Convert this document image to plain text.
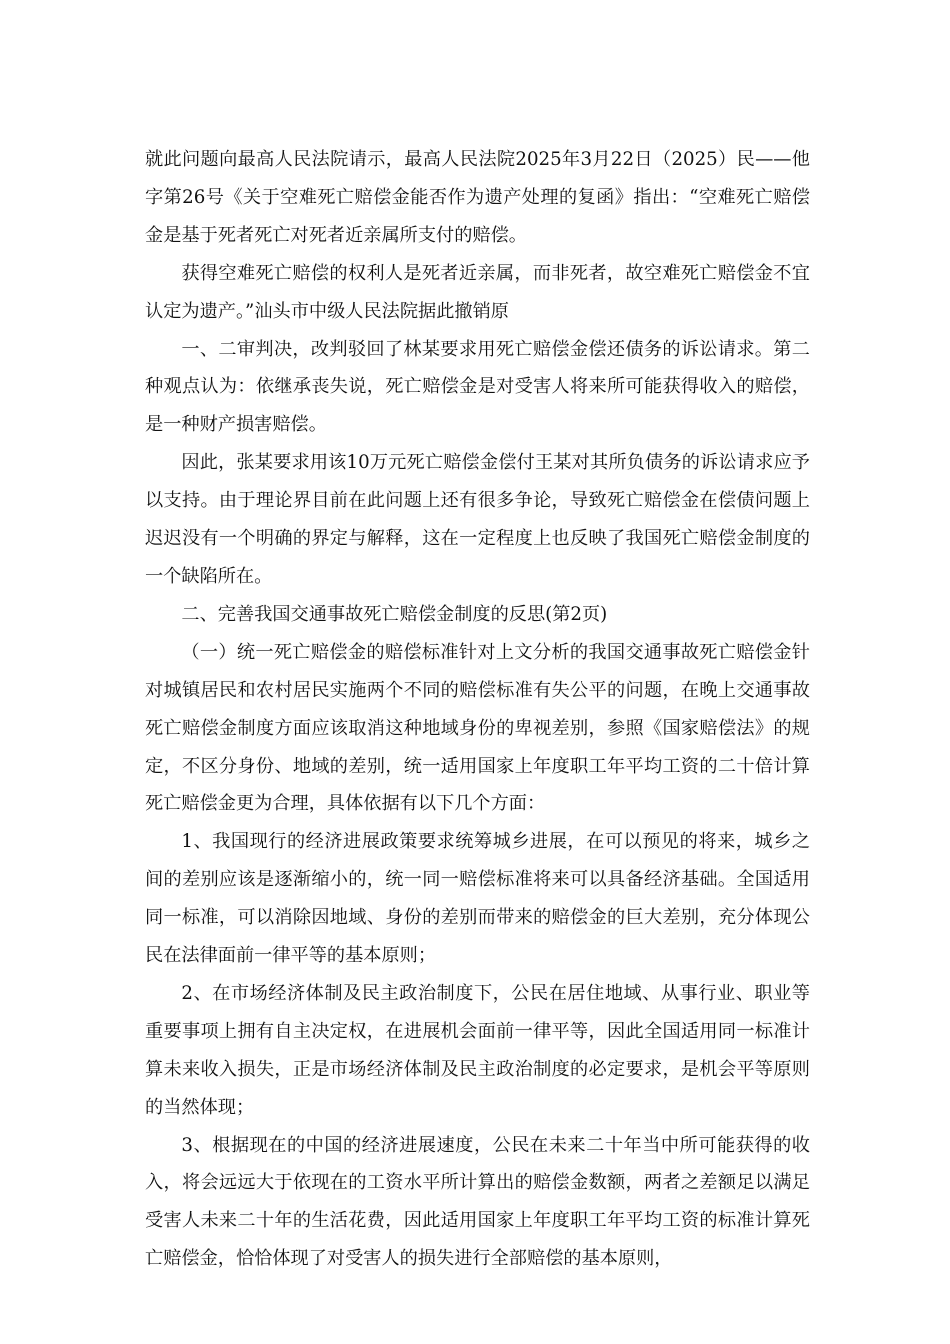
就此问题向最高人民法院请示，最高人民法院2025年3月22日（2025）民——他字第26号《关于空难死亡赔偿金能否作为遗产处理的复函》指出：“空难死亡赔偿金是基于死者死亡对死者近亲属所支付的赔偿。

获得空难死亡赔偿的权利人是死者近亲属，而非死者，故空难死亡赔偿金不宜认定为遗产。”汕头市中级人民法院据此撤销原

一、二审判决，改判驳回了林某要求用死亡赔偿金偿还债务的诉讼请求。第二种观点认为：依继承丧失说，死亡赔偿金是对受害人将来所可能获得收入的赔偿，是一种财产损害赔偿。

因此，张某要求用该10万元死亡赔偿金偿付王某对其所负债务的诉讼请求应予以支持。由于理论界目前在此问题上还有很多争论，导致死亡赔偿金在偿债问题上迟迟没有一个明确的界定与解释，这在一定程度上也反映了我国死亡赔偿金制度的一个缺陷所在。

二、完善我国交通事故死亡赔偿金制度的反思(第2页)

（一）统一死亡赔偿金的赔偿标准针对上文分析的我国交通事故死亡赔偿金针对城镇居民和农村居民实施两个不同的赔偿标准有失公平的问题，在晚上交通事故死亡赔偿金制度方面应该取消这种地域身份的卑视差别，参照《国家赔偿法》的规定，不区分身份、地域的差别，统一适用国家上年度职工年平均工资的二十倍计算死亡赔偿金更为合理，具体依据有以下几个方面：

1、我国现行的经济进展政策要求统筹城乡进展，在可以预见的将来，城乡之间的差别应该是逐渐缩小的，统一同一赔偿标准将来可以具备经济基础。全国适用同一标准，可以消除因地域、身份的差别而带来的赔偿金的巨大差别，充分体现公民在法律面前一律平等的基本原则；

2、在市场经济体制及民主政治制度下，公民在居住地域、从事行业、职业等重要事项上拥有自主决定权，在进展机会面前一律平等，因此全国适用同一标准计算未来收入损失，正是市场经济体制及民主政治制度的必定要求，是机会平等原则的当然体现；

3、根据现在的中国的经济进展速度，公民在未来二十年当中所可能获得的收入，将会远远大于依现在的工资水平所计算出的赔偿金数额，两者之差额足以满足受害人未来二十年的生活花费，因此适用国家上年度职工年平均工资的标准计算死亡赔偿金，恰恰体现了对受害人的损失进行全部赔偿的基本原则，
